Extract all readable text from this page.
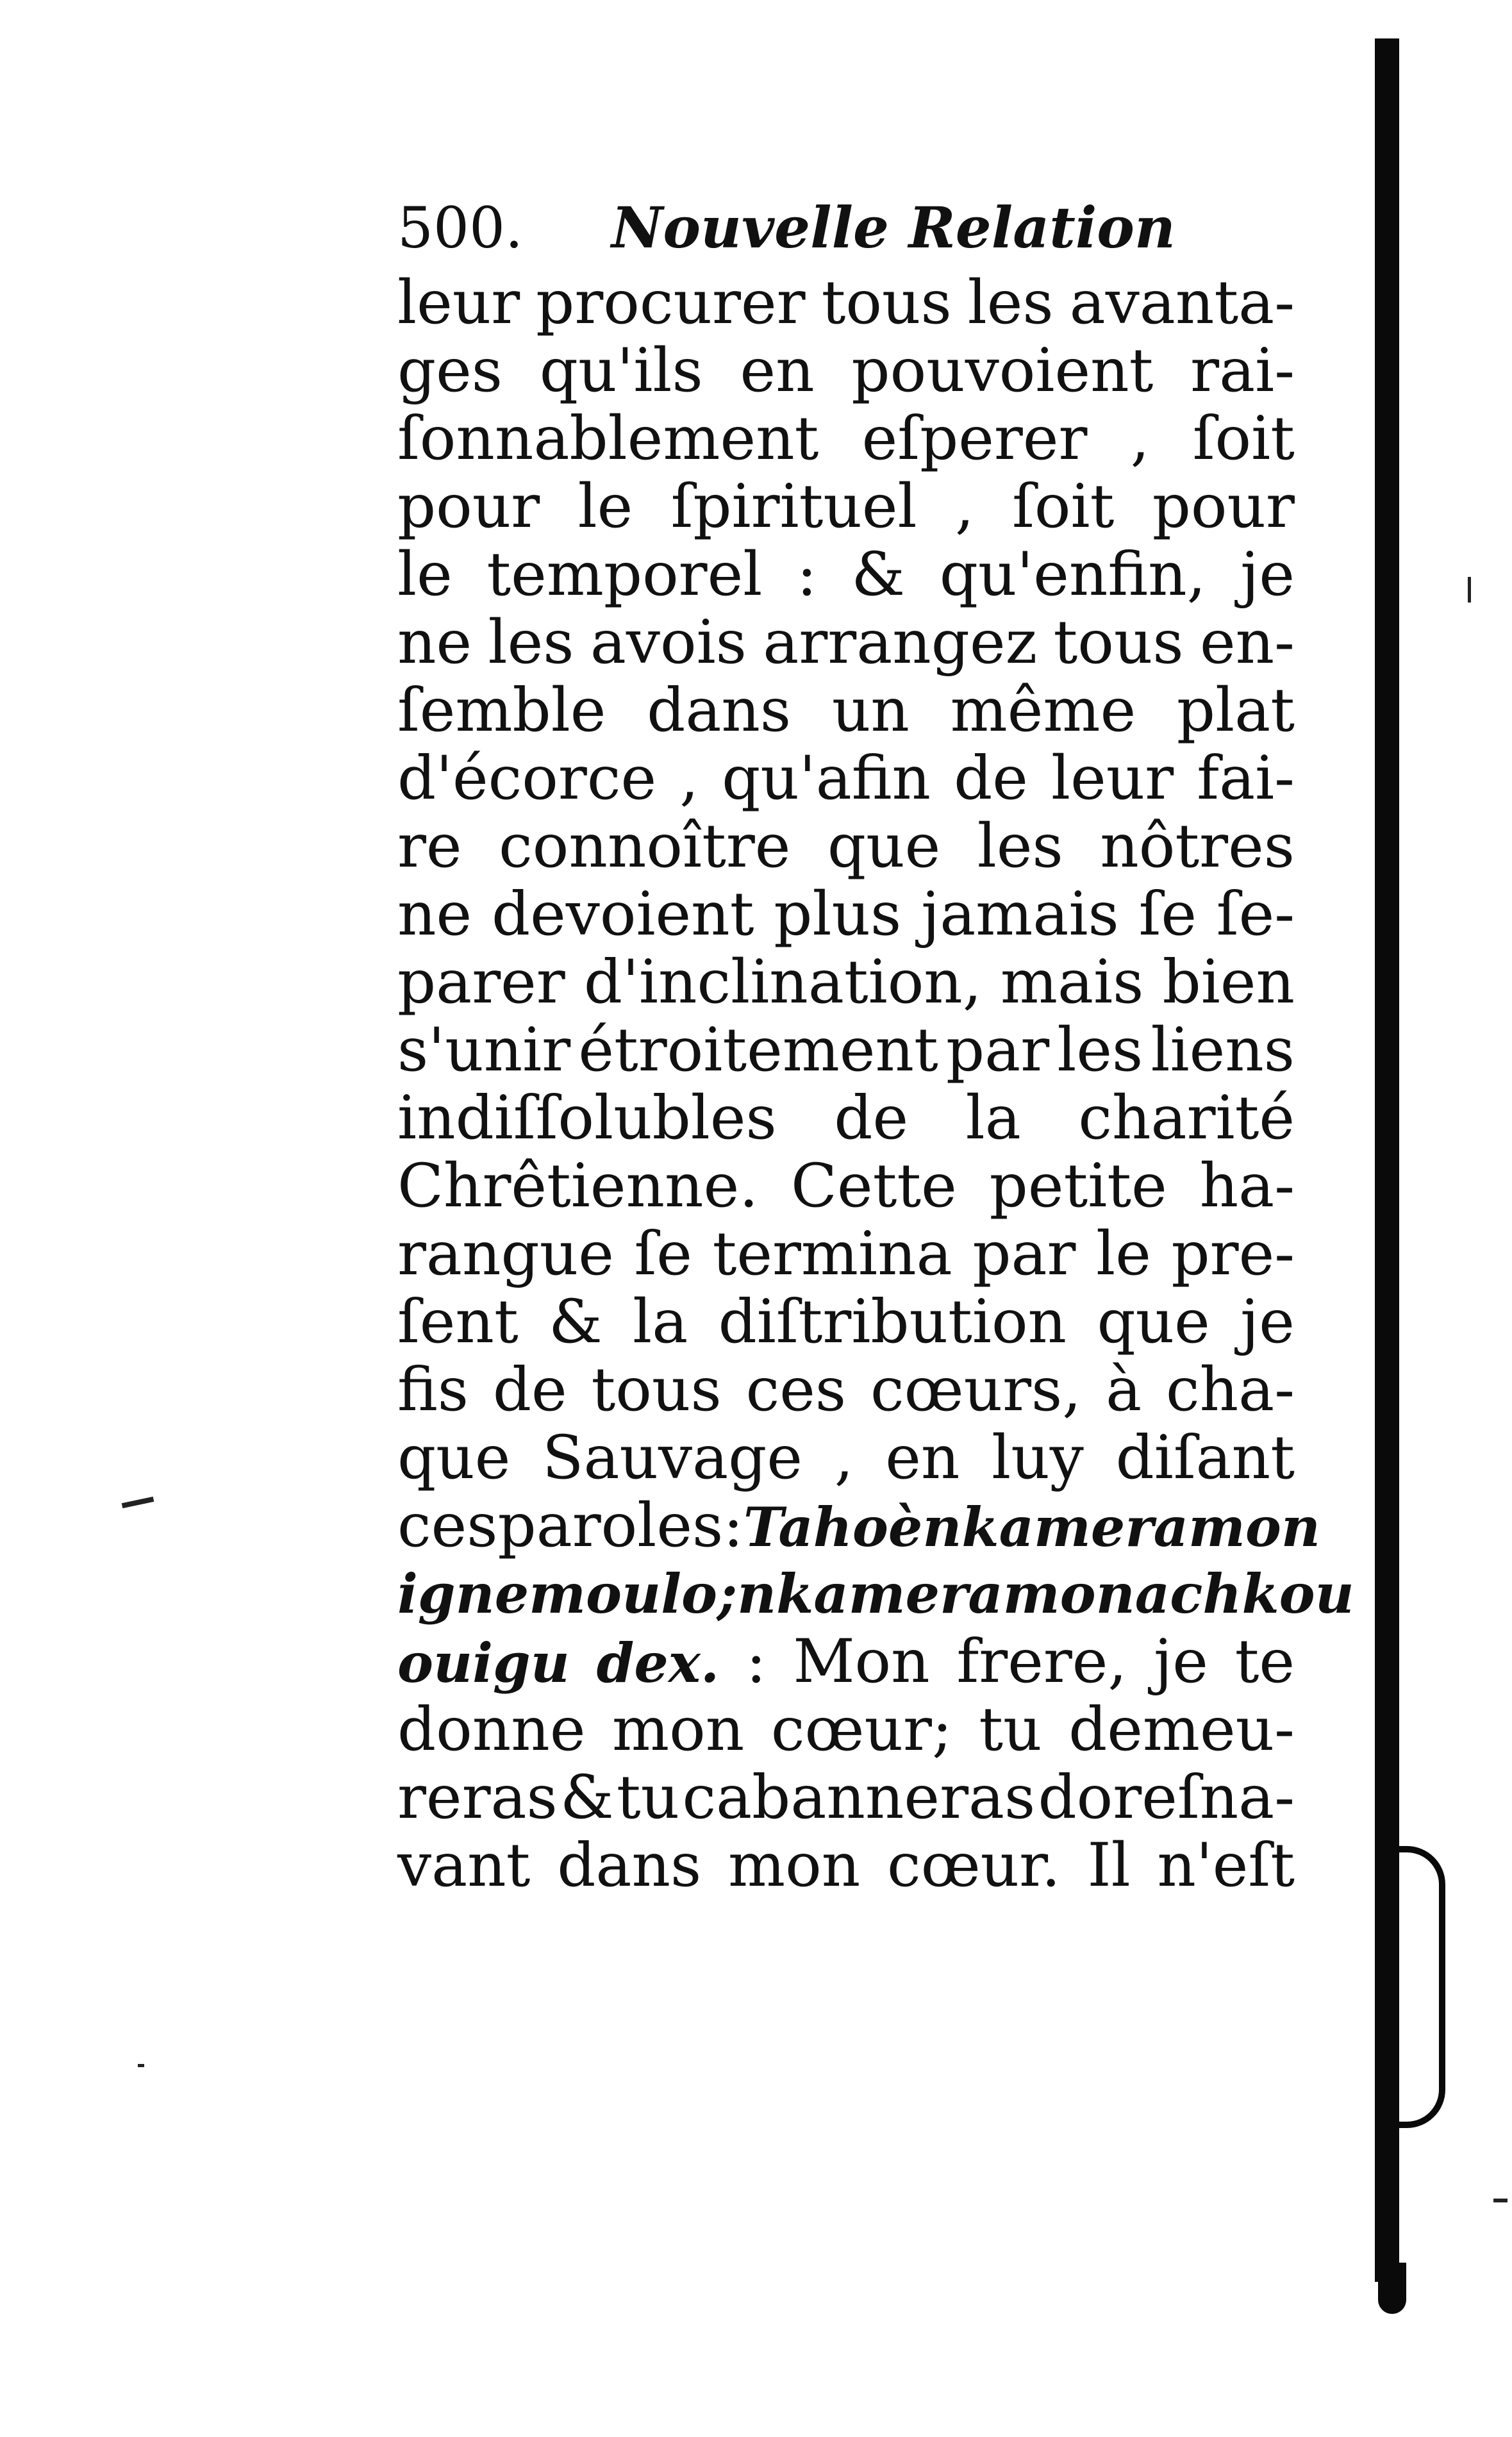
500. Nouvelle Relation
leur procurer tous les avanta-
ges qu'ils en pouvoient rai-
ſonnablement eſperer , ſoit
pour le ſpirituel , ſoit pour
le temporel : & qu'enfin, je
ne les avois arrangez tous en-
ſemble dans un même plat
d'écorce , qu'afin de leur fai-
re connoître que les nôtres
ne devoient plus jamais ſe ſe-
parer d'inclination, mais bien
s'unir étroitement par les liens
indiſſolubles de la charité
Chrêtienne. Cette petite ha-
rangue ſe termina par le pre-
ſent & la diſtribution que je
fis de tous ces cœurs, à cha-
que Sauvage , en luy diſant
ces paroles: Tahoè nkameramon
ignemoulo ; nkameramon achkou
ouigu dex. : Mon frere, je te
donne mon cœur; tu demeu-
reras & tu cabanneras doreſna-
vant dans mon cœur. Il n'eſt
